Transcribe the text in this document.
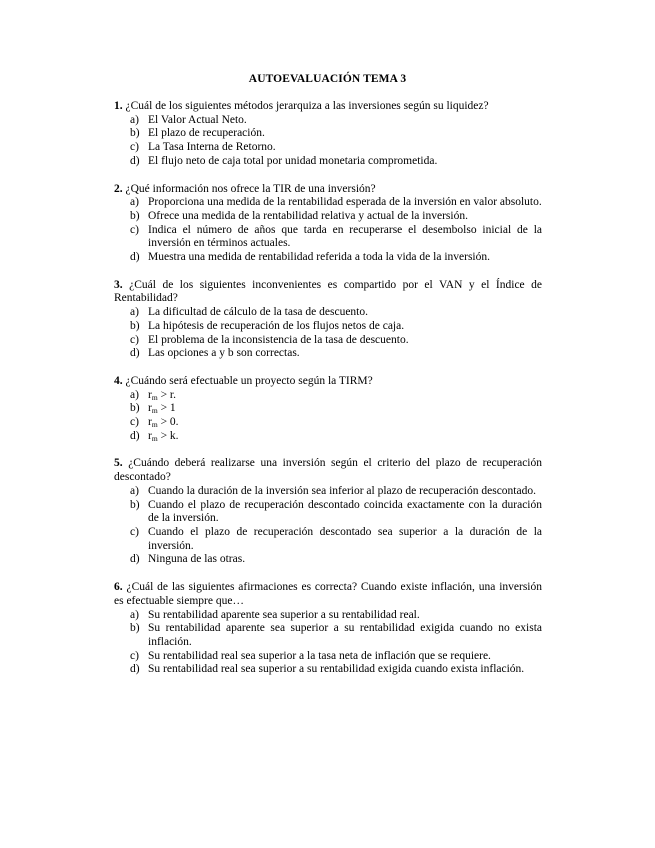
AUTOEVALUACIÓN TEMA 3

1. ¿Cuál de los siguientes métodos jerarquiza a las inversiones según su liquidez?

a) El Valor Actual Neto.
b) El plazo de recuperación.
c) La Tasa Interna de Retorno.
d) El flujo neto de caja total por unidad monetaria comprometida.

2. ¿Qué información nos ofrece la TIR de una inversión?

a) Proporciona una medida de la rentabilidad esperada de la inversión en valor absoluto.
b) Ofrece una medida de la rentabilidad relativa y actual de la inversión.
c) Indica el número de años que tarda en recuperarse el desembolso inicial de la inversión en términos actuales.
d) Muestra una medida de rentabilidad referida a toda la vida de la inversión.

3. ¿Cuál de los siguientes inconvenientes es compartido por el VAN y el Índice de Rentabilidad?

a) La dificultad de cálculo de la tasa de descuento.
b) La hipótesis de recuperación de los flujos netos de caja.
c) El problema de la inconsistencia de la tasa de descuento.
d) Las opciones a y b son correctas.

4. ¿Cuándo será efectuable un proyecto según la TIRM?

a) $r_m > r$.
b) $r_m > 1$
c) $r_m > 0$.
d) $r_m > k$.

5. ¿Cuándo deberá realizarse una inversión según el criterio del plazo de recuperación descontado?

a) Cuando la duración de la inversión sea inferior al plazo de recuperación descontado.
b) Cuando el plazo de recuperación descontado coincida exactamente con la duración de la inversión.
c) Cuando el plazo de recuperación descontado sea superior a la duración de la inversión.
d) Ninguna de las otras.

6. ¿Cuál de las siguientes afirmaciones es correcta? Cuando existe inflación, una inversión es efectuable siempre que…

a) Su rentabilidad aparente sea superior a su rentabilidad real.
b) Su rentabilidad aparente sea superior a su rentabilidad exigida cuando no exista inflación.
c) Su rentabilidad real sea superior a la tasa neta de inflación que se requiere.
d) Su rentabilidad real sea superior a su rentabilidad exigida cuando exista inflación.
